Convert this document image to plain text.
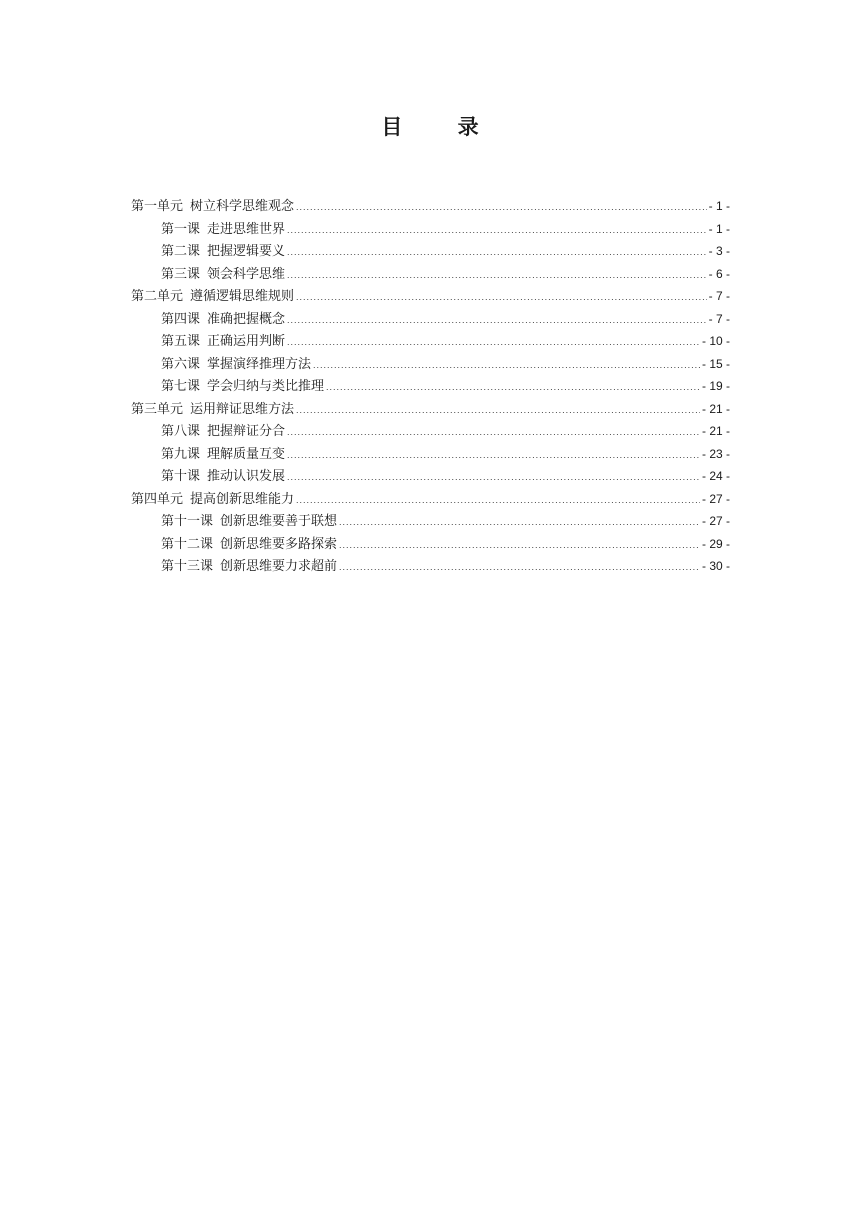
目 录
第一单元 树立科学思维观念 .....	- 1 -
第一课 走进思维世界 .....	- 1 -
第二课 把握逻辑要义 .....	- 3 -
第三课 领会科学思维 .....	- 6 -
第二单元 遵循逻辑思维规则 .....	- 7 -
第四课 准确把握概念 .....	- 7 -
第五课 正确运用判断 .....	- 10 -
第六课 掌握演绎推理方法 .....	- 15 -
第七课 学会归纳与类比推理 .....	- 19 -
第三单元 运用辩证思维方法 .....	- 21 -
第八课 把握辩证分合 .....	- 21 -
第九课 理解质量互变 .....	- 23 -
第十课 推动认识发展 .....	- 24 -
第四单元 提高创新思维能力 .....	- 27 -
第十一课 创新思维要善于联想 .....	- 27 -
第十二课 创新思维要多路探索 .....	- 29 -
第十三课 创新思维要力求超前 .....	- 30 -
